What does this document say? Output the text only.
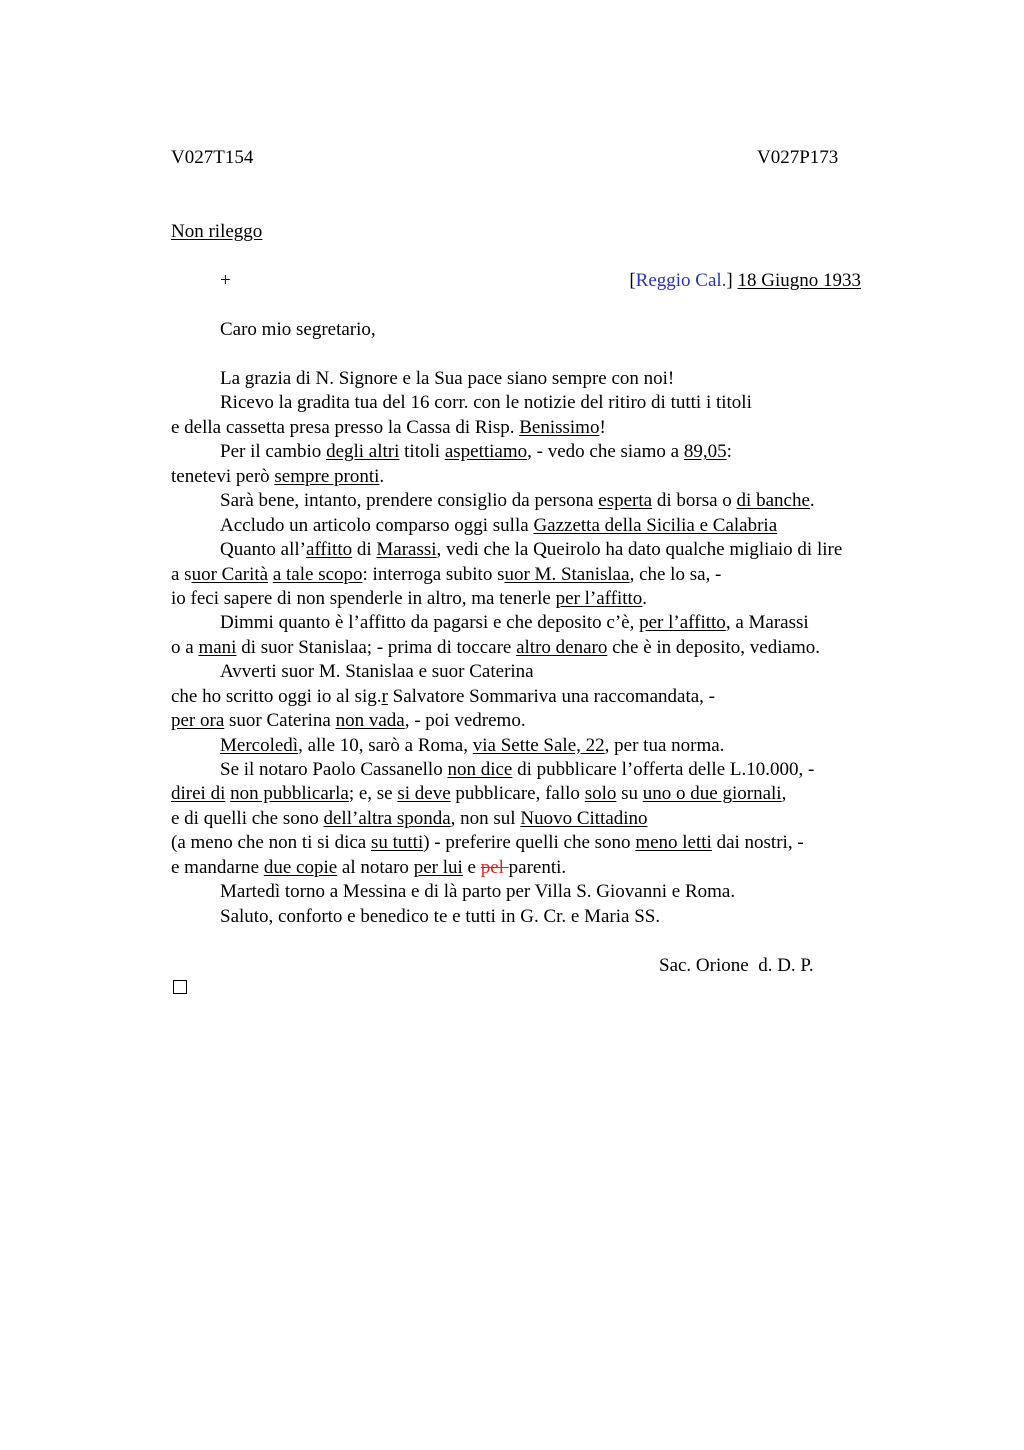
V027T154	V027P173
Non rileggo
+	[Reggio Cal.] 18 Giugno 1933
Caro mio segretario,
La grazia di N. Signore e la Sua pace siano sempre con noi!
Ricevo la gradita tua del 16 corr. con le notizie del ritiro di tutti i titoli
e della cassetta presa presso la Cassa di Risp. Benissimo!
Per il cambio degli altri titoli aspettiamo, - vedo che siamo a 89,05:
tenetevi però sempre pronti.
Sarà bene, intanto, prendere consiglio da persona esperta di borsa o di banche.
Accludo un articolo comparso oggi sulla Gazzetta della Sicilia e Calabria
Quanto all’affitto di Marassi, vedi che la Queirolo ha dato qualche migliaio di lire
a suor Carità a tale scopo: interroga subito suor M. Stanislaa, che lo sa, -
io feci sapere di non spenderle in altro, ma tenerle per l’affitto.
Dimmi quanto è l’affitto da pagarsi e che deposito c’è, per l’affitto, a Marassi
o a mani di suor Stanislaa; - prima di toccare altro denaro che è in deposito, vediamo.
Avverti suor M. Stanislaa e suor Caterina
che ho scritto oggi io al sig.r Salvatore Sommariva una raccomandata, -
per ora suor Caterina non vada, - poi vedremo.
Mercoledì, alle 10, sarò a Roma, via Sette Sale, 22, per tua norma.
Se il notaro Paolo Cassanello non dice di pubblicare l’offerta delle L.10.000, -
direi di non pubblicarla; e, se si deve pubblicare, fallo solo su uno o due giornali,
e di quelli che sono dell’altra sponda, non sul Nuovo Cittadino
(a meno che non ti si dica su tutti) - preferire quelli che sono meno letti dai nostri, -
e mandarne due copie al notaro per lui e pel parenti.
Martedì torno a Messina e di là parto per Villa S. Giovanni e Roma.
Saluto, conforto e benedico te e tutti in G. Cr. e Maria SS.
Sac. Orione  d. D. P.
